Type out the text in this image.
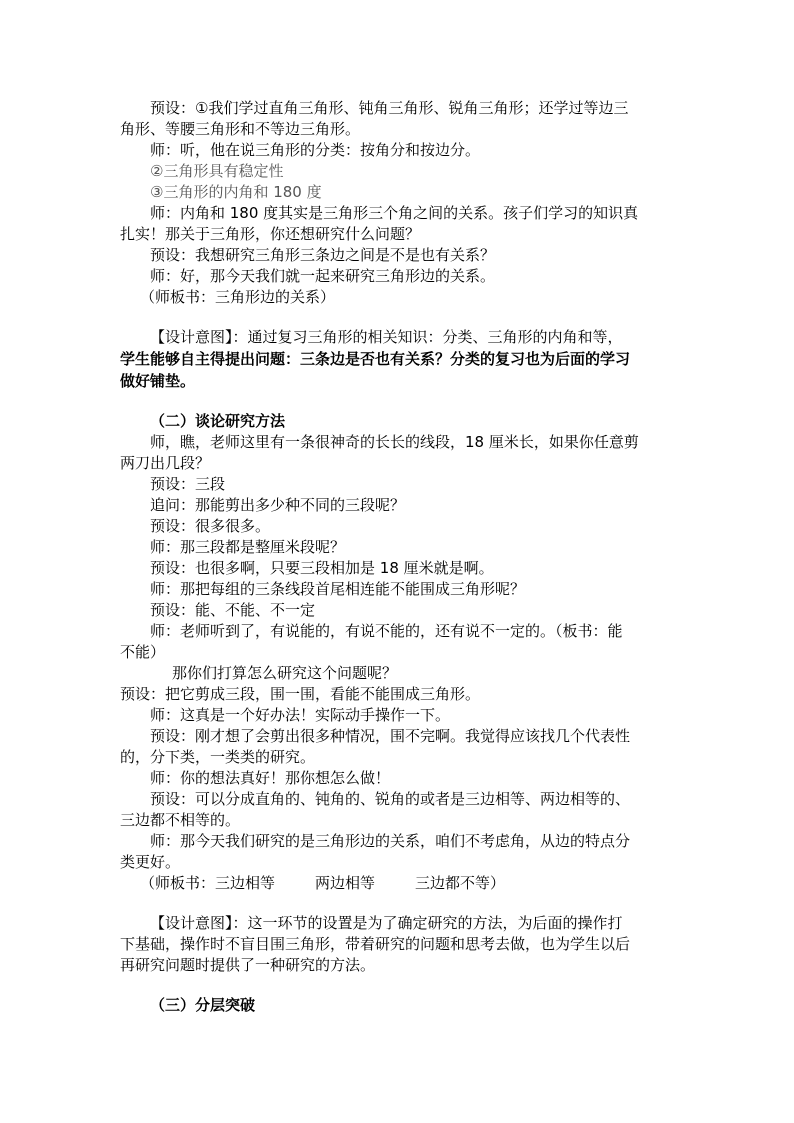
预设：①我们学过直角三角形、钝角三角形、锐角三角形；还学过等边三
角形、等腰三角形和不等边三角形。
师：听，他在说三角形的分类：按角分和按边分。
②三角形具有稳定性
③三角形的内角和 180 度
师：内角和 180 度其实是三角形三个角之间的关系。孩子们学习的知识真
扎实！那关于三角形，你还想研究什么问题？
预设：我想研究三角形三条边之间是不是也有关系？
师：好，那今天我们就一起来研究三角形边的关系。
（师板书：三角形边的关系）
【设计意图】：通过复习三角形的相关知识：分类、三角形的内角和等，
学生能够自主得提出问题：三条边是否也有关系？分类的复习也为后面的学习
做好铺垫。
（二）谈论研究方法
师，瞧，老师这里有一条很神奇的长长的线段，18 厘米长，如果你任意剪
两刀出几段？
预设：三段
追问：那能剪出多少种不同的三段呢？
预设：很多很多。
师：那三段都是整厘米段呢？
预设：也很多啊，只要三段相加是 18 厘米就是啊。
师：那把每组的三条线段首尾相连能不能围成三角形呢？
预设：能、不能、不一定
师：老师听到了，有说能的，有说不能的，还有说不一定的。（板书：能
不能）
那你们打算怎么研究这个问题呢？
预设：把它剪成三段，围一围，看能不能围成三角形。
师：这真是一个好办法！实际动手操作一下。
预设：刚才想了会剪出很多种情况，围不完啊。我觉得应该找几个代表性
的，分下类，一类类的研究。
师：你的想法真好！那你想怎么做！
预设：可以分成直角的、钝角的、锐角的或者是三边相等、两边相等的、
三边都不相等的。
师：那今天我们研究的是三角形边的关系，咱们不考虑角，从边的特点分
类更好。
（师板书：三边相等	两边相等	三边都不等）
【设计意图】：这一环节的设置是为了确定研究的方法，为后面的操作打
下基础，操作时不盲目围三角形，带着研究的问题和思考去做，也为学生以后
再研究问题时提供了一种研究的方法。
（三）分层突破
